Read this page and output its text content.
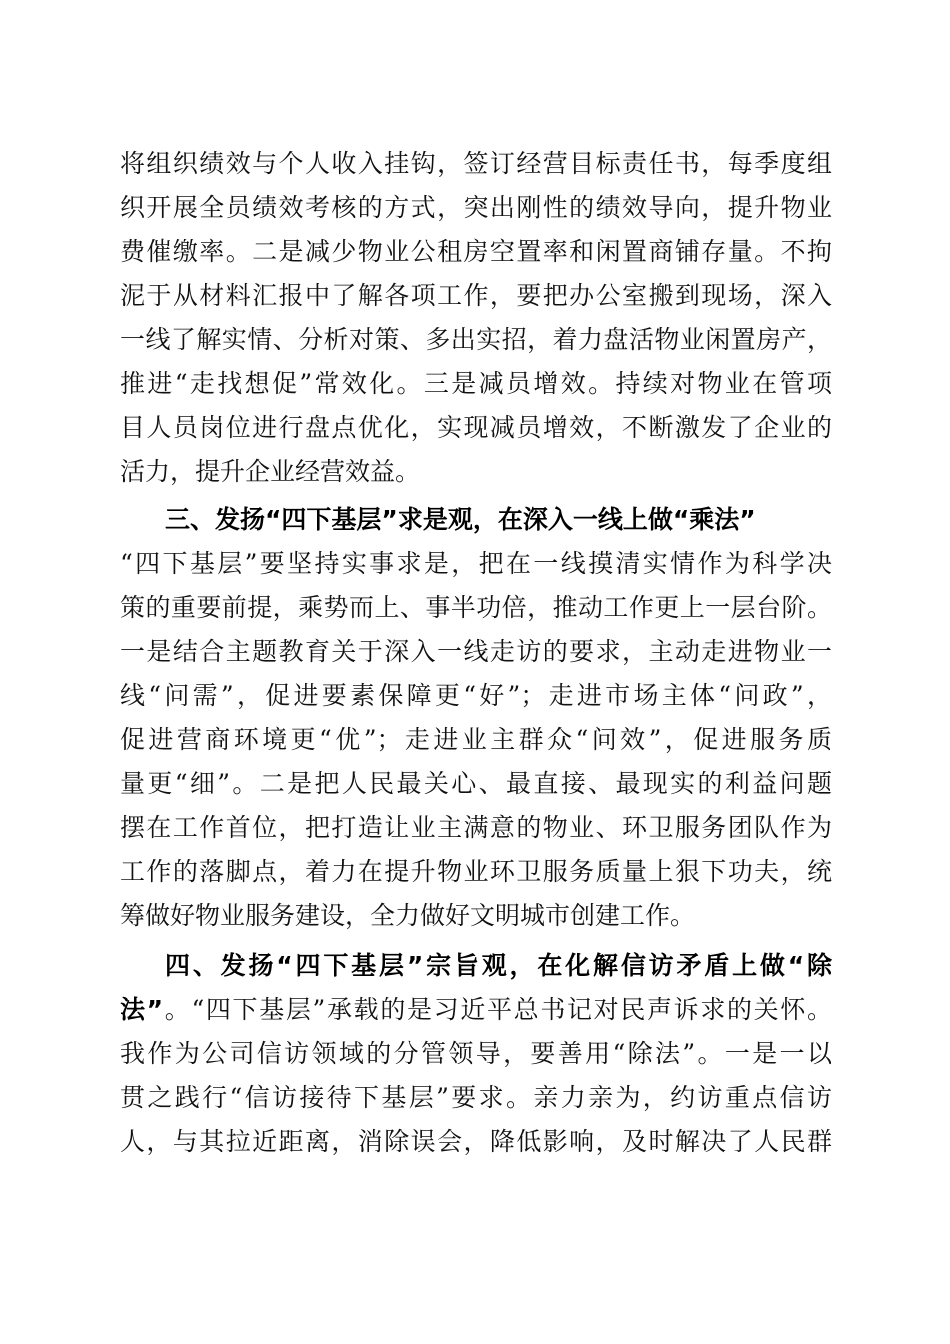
将组织绩效与个人收入挂钩，签订经营目标责任书，每季度组
织开展全员绩效考核的方式，突出刚性的绩效导向，提升物业
费催缴率。二是减少物业公租房空置率和闲置商铺存量。不拘
泥于从材料汇报中了解各项工作，要把办公室搬到现场，深入
一线了解实情、分析对策、多出实招，着力盘活物业闲置房产，
推进“走找想促”常效化。三是减员增效。持续对物业在管项
目人员岗位进行盘点优化，实现减员增效，不断激发了企业的
活力，提升企业经营效益。
三、发扬“四下基层”求是观，在深入一线上做“乘法”
“四下基层”要坚持实事求是，把在一线摸清实情作为科学决
策的重要前提，乘势而上、事半功倍，推动工作更上一层台阶。
一是结合主题教育关于深入一线走访的要求，主动走进物业一
线“问需”，促进要素保障更“好”；走进市场主体“问政”，
促进营商环境更“优”；走进业主群众“问效”，促进服务质
量更“细”。二是把人民最关心、最直接、最现实的利益问题
摆在工作首位，把打造让业主满意的物业、环卫服务团队作为
工作的落脚点，着力在提升物业环卫服务质量上狠下功夫，统
筹做好物业服务建设，全力做好文明城市创建工作。
四、发扬“四下基层”宗旨观，在化解信访矛盾上做“除
法”。“四下基层”承载的是习近平总书记对民声诉求的关怀。
我作为公司信访领域的分管领导，要善用“除法”。一是一以
贯之践行“信访接待下基层”要求。亲力亲为，约访重点信访
人，与其拉近距离，消除误会，降低影响，及时解决了人民群
